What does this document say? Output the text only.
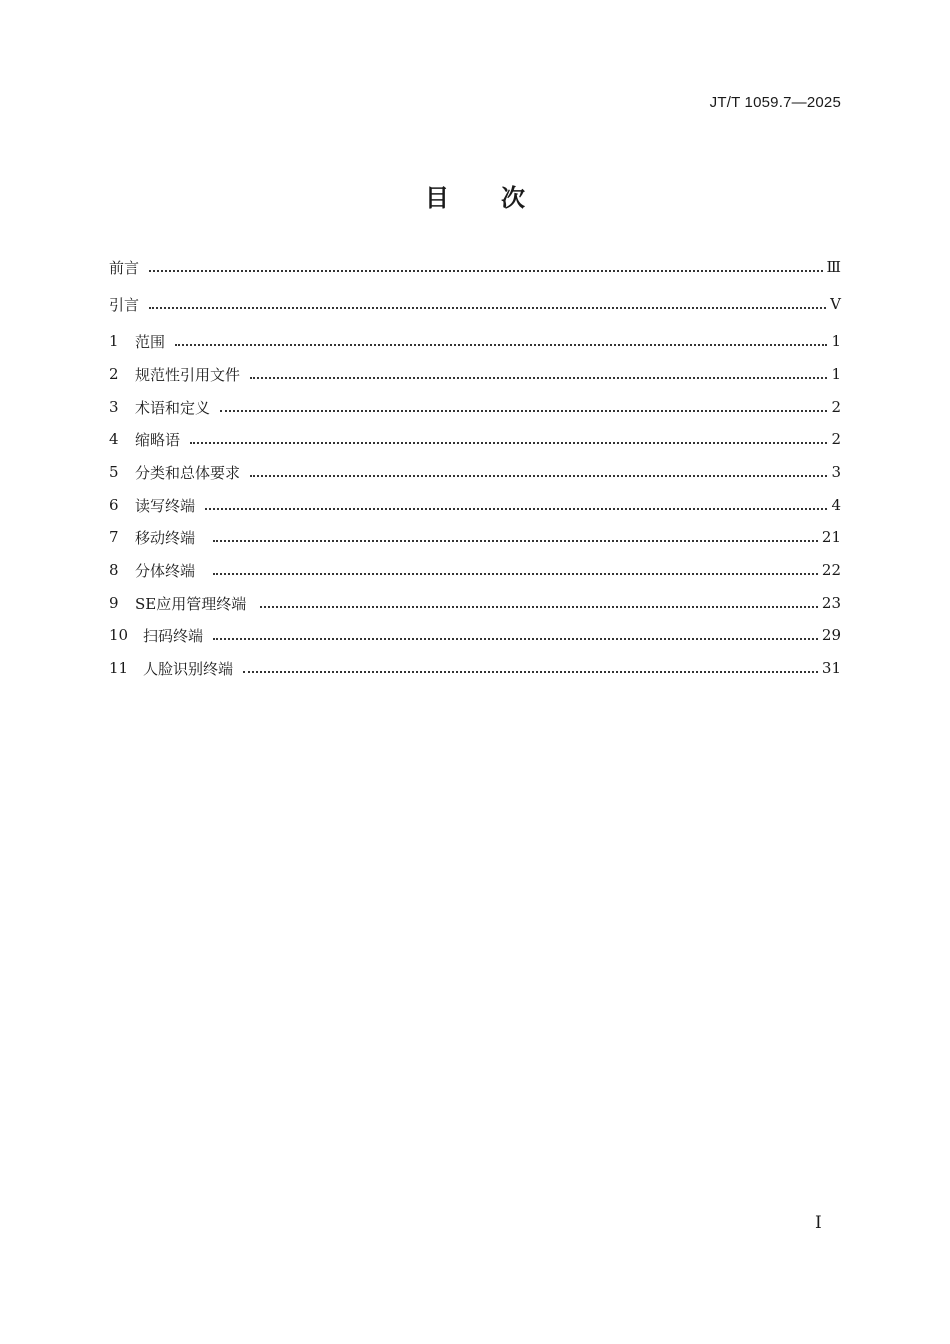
JT/T 1059.7—2025
目 次
前言	Ⅲ
引言	Ⅴ
1 范围	1
2 规范性引用文件	1
3 术语和定义	2
4 缩略语	2
5 分类和总体要求	3
6 读写终端	4
7 移动终端	21
8 分体终端	22
9 SE应用管理终端	23
10 扫码终端	29
11 人脸识别终端	31
I
